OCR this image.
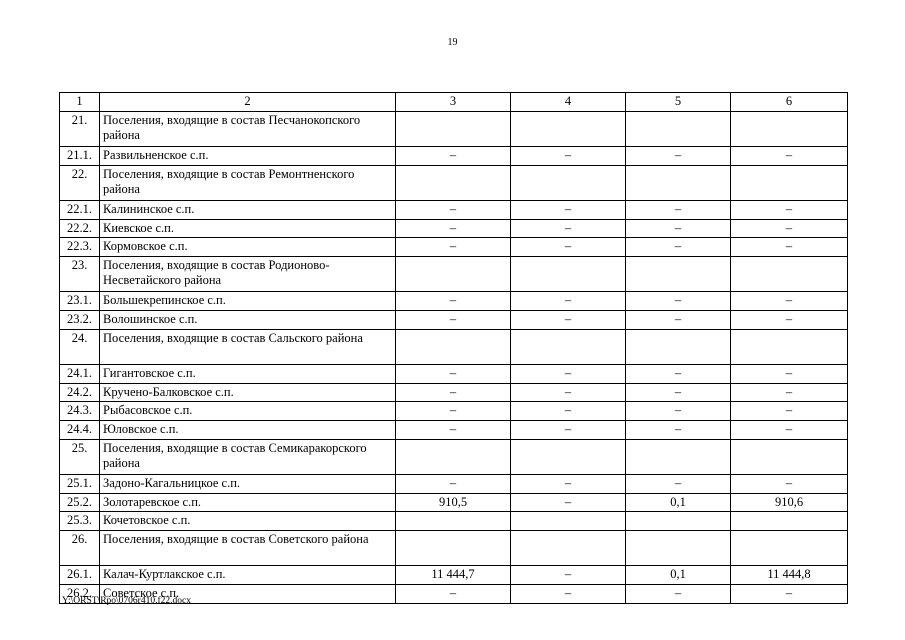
19
1	2	3	4	5	6
21.	Поселения, входящие в состав Песчанокопского района				
21.1.	Развильненское с.п.	–	–	–	–
22.	Поселения, входящие в состав Ремонтненского района				
22.1.	Калининское с.п.	–	–	–	–
22.2.	Киевское с.п.	–	–	–	–
22.3.	Кормовское с.п.	–	–	–	–
23.	Поселения, входящие в состав Родионово-Несветайского района				
23.1.	Большекрепинское с.п.	–	–	–	–
23.2.	Волошинское с.п.	–	–	–	–
24.	Поселения, входящие в состав Сальского района				
24.1.	Гигантовское с.п.	–	–	–	–
24.2.	Кручено-Балковское с.п.	–	–	–	–
24.3.	Рыбасовское с.п.	–	–	–	–
24.4.	Юловское с.п.	–	–	–	–
25.	Поселения, входящие в состав Семикаракорского района				
25.1.	Задоно-Кагальницкое с.п.	–	–	–	–
25.2.	Золотаревское с.п.	910,5	–	0,1	910,6
25.3.	Кочетовское с.п.				
26.	Поселения, входящие в состав Советского района				
26.1.	Калач-Куртлакское с.п.	11 444,7	–	0,1	11 444,8
26.2.	Советское с.п.	–	–	–	–
Y:\ORST\Rpo\0706r410.f22.docx
